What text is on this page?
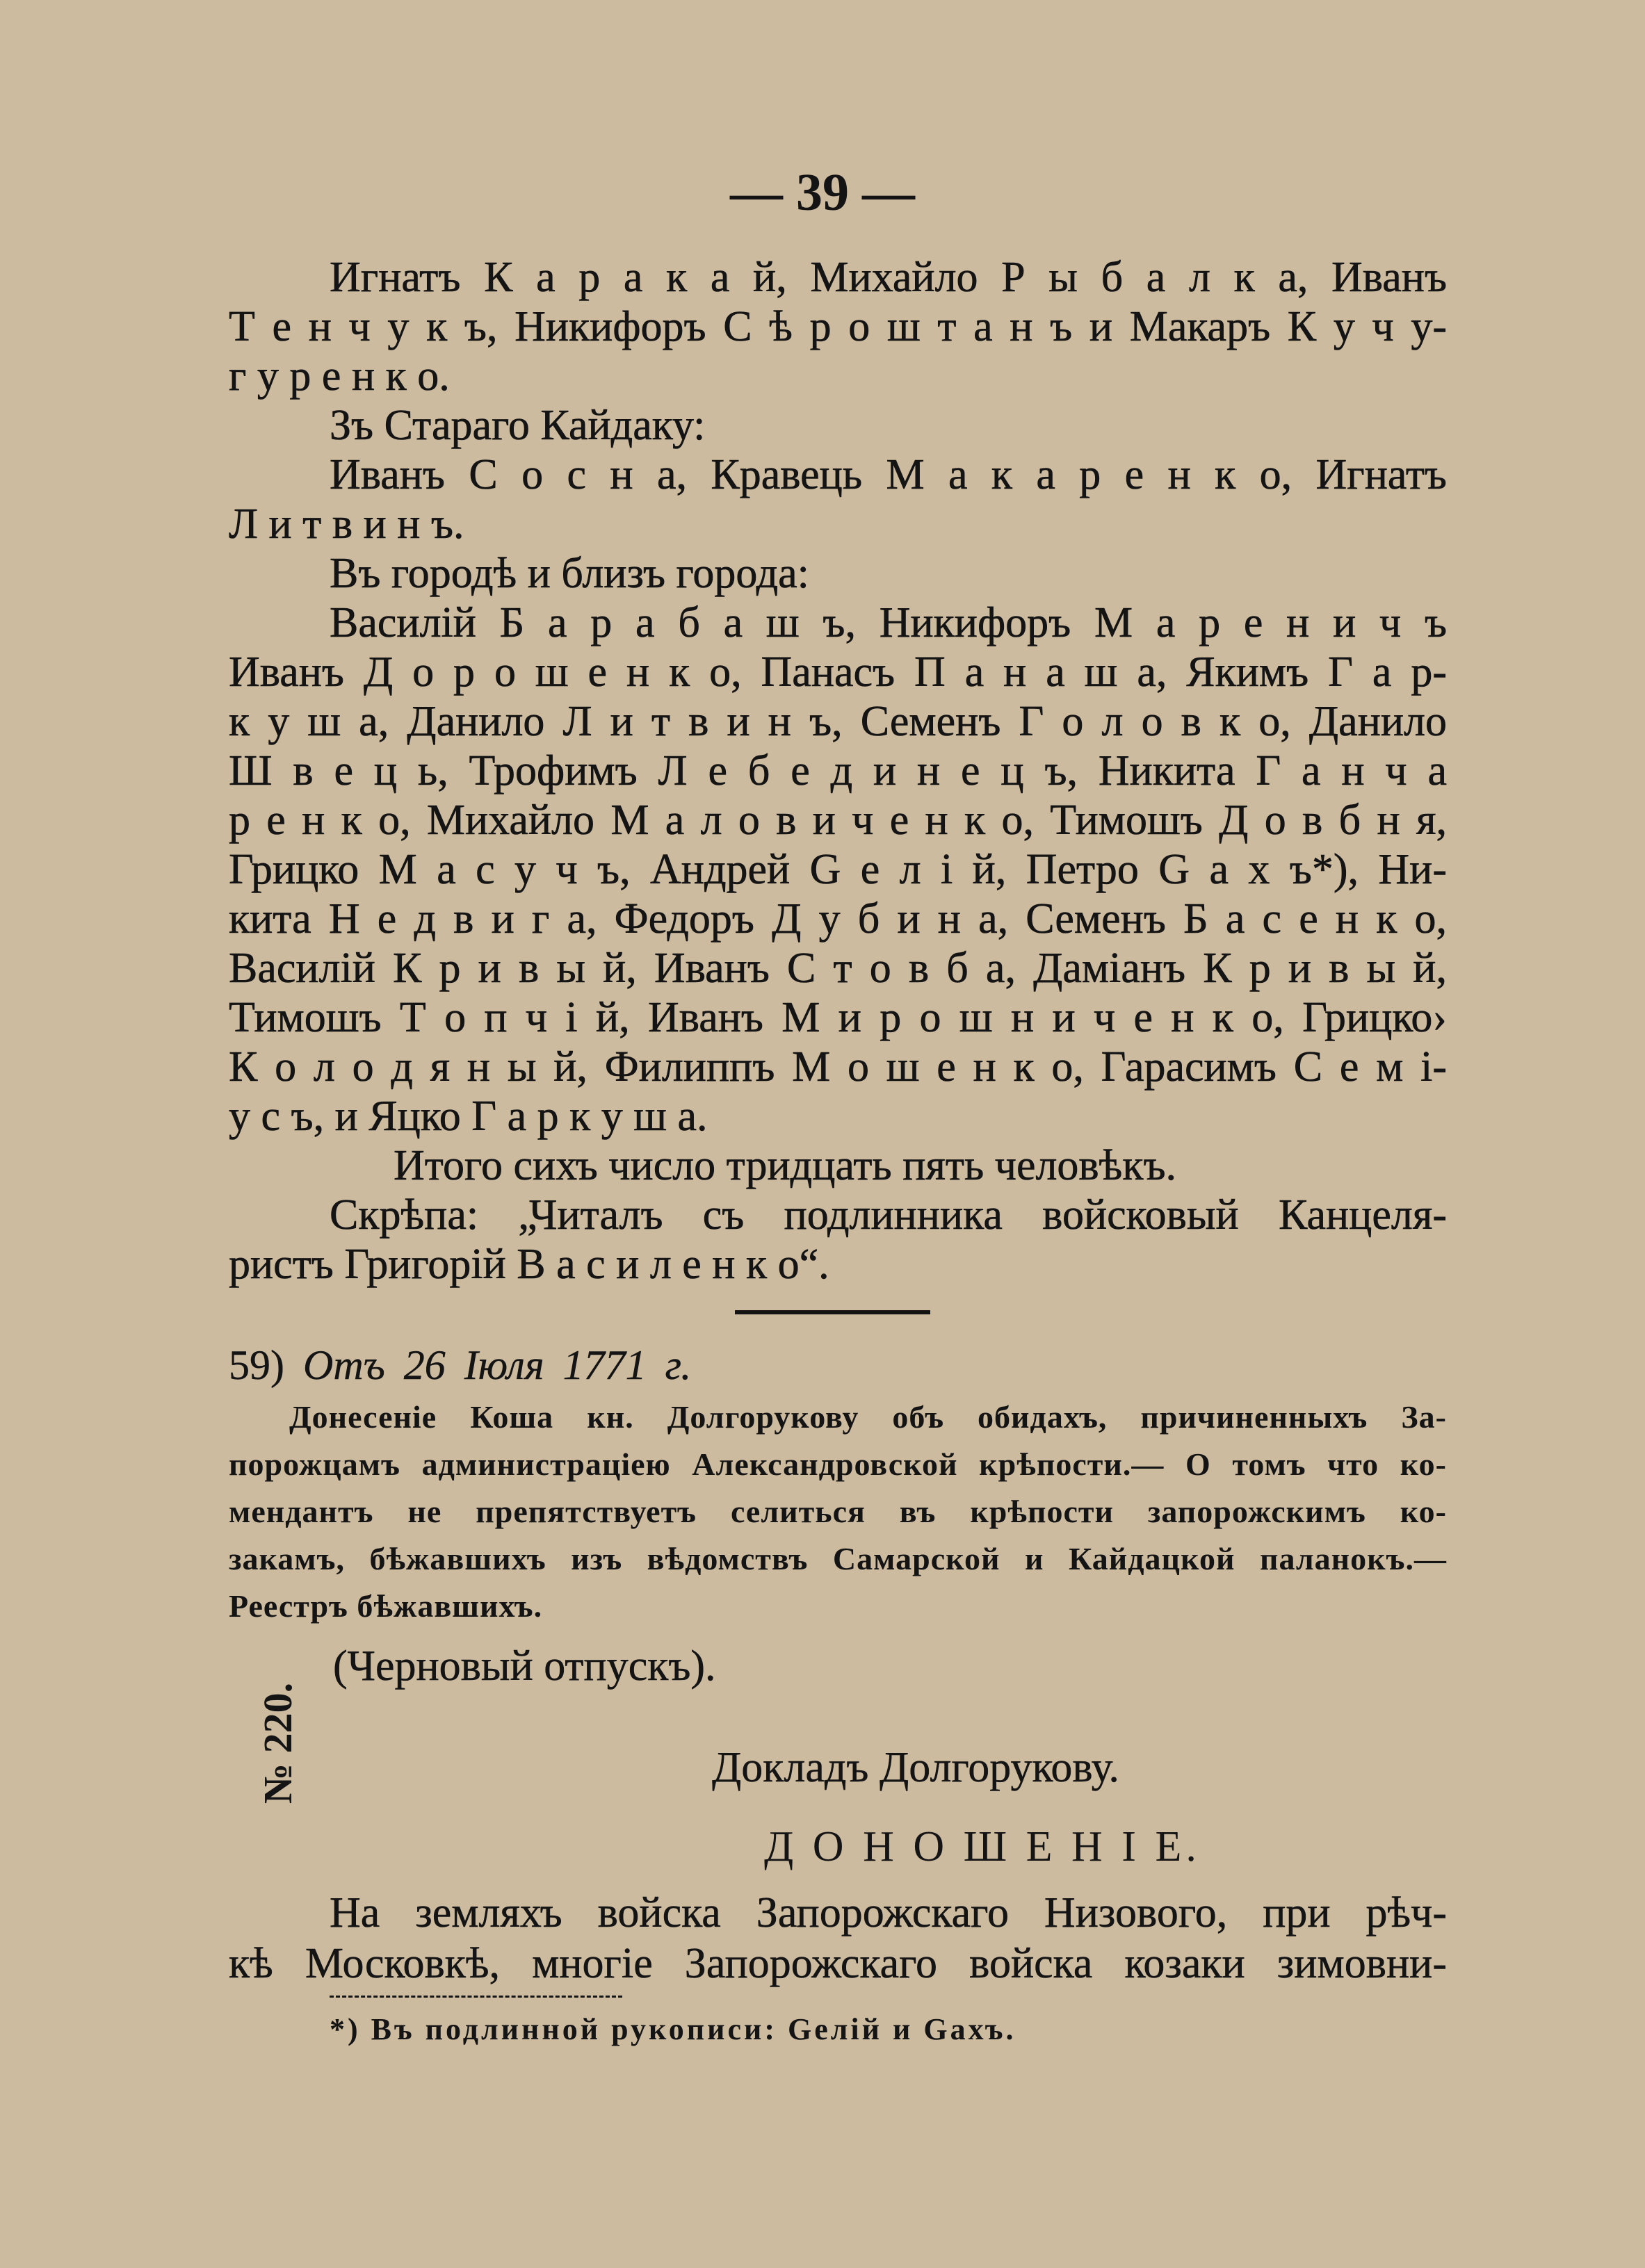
— 39 —
Игнатъ К а р а к а й, Михайло Р ы б а л к а, Иванъ
Т е н ч у к ъ, Никифоръ С ѣ р о ш т а н ъ и Макаръ К у ч у-
г у р е н к о.
Зъ Стараго Кайдаку:
Иванъ С о с н а, Кравець М а к а р е н к о, Игнатъ
Л и т в и н ъ.
Въ городѣ и близъ города:
Василій Б а р а б а ш ъ, Никифоръ М а р е н и ч ъ
Иванъ Д о р о ш е н к о, Панасъ П а н а ш а, Якимъ Г а р-
к у ш а, Данило Л и т в и н ъ, Семенъ Г о л о в к о, Данило
Ш в е ц ь, Трофимъ Л е б е д и н е ц ъ, Никита Г а н ч а
р е н к о, Михайло М а л о в и ч е н к о, Тимошъ Д о в б н я,
Грицко М а с у ч ъ, Андрей G е л і й, Петро G а х ъ*), Ни-
кита Н е д в и г а, Федоръ Д у б и н а, Семенъ Б а с е н к о,
Василій К р и в ы й, Иванъ С т о в б а, Даміанъ К р и в ы й,
Тимошъ Т о п ч і й, Иванъ М и р о ш н и ч е н к о, Грицко›
К о л о д я н ы й, Филиппъ М о ш е н к о, Гарасимъ С е м і-
у с ъ, и Яцко Г а р к у ш а.
Итого сихъ число тридцать пять человѣкъ.
Скрѣпа: „Читалъ съ подлинника войсковый Канцеля-
ристъ Григорій В а с и л е н к о“.
59) Отъ 26 Іюля 1771 г.
Донесеніе Коша кн. Долгорукову объ обидахъ, причиненныхъ За-
порожцамъ администраціею Александровской крѣпости.— О томъ что ко-
мендантъ не препятствуетъ селиться въ крѣпости запорожскимъ ко-
закамъ, бѣжавшихъ изъ вѣдомствъ Самарской и Кайдацкой паланокъ.—
Реестръ бѣжавшихъ.
(Черновый отпускъ).
№ 220.	Докладъ Долгорукову.
Д О Н О Ш Е Н І Е.
На земляхъ войска Запорожскаго Низового, при рѣч-
кѣ Московкѣ, многіе Запорожскаго войска козаки зимовни-
*) Въ подлинной рукописи: Gелій и Gахъ.
